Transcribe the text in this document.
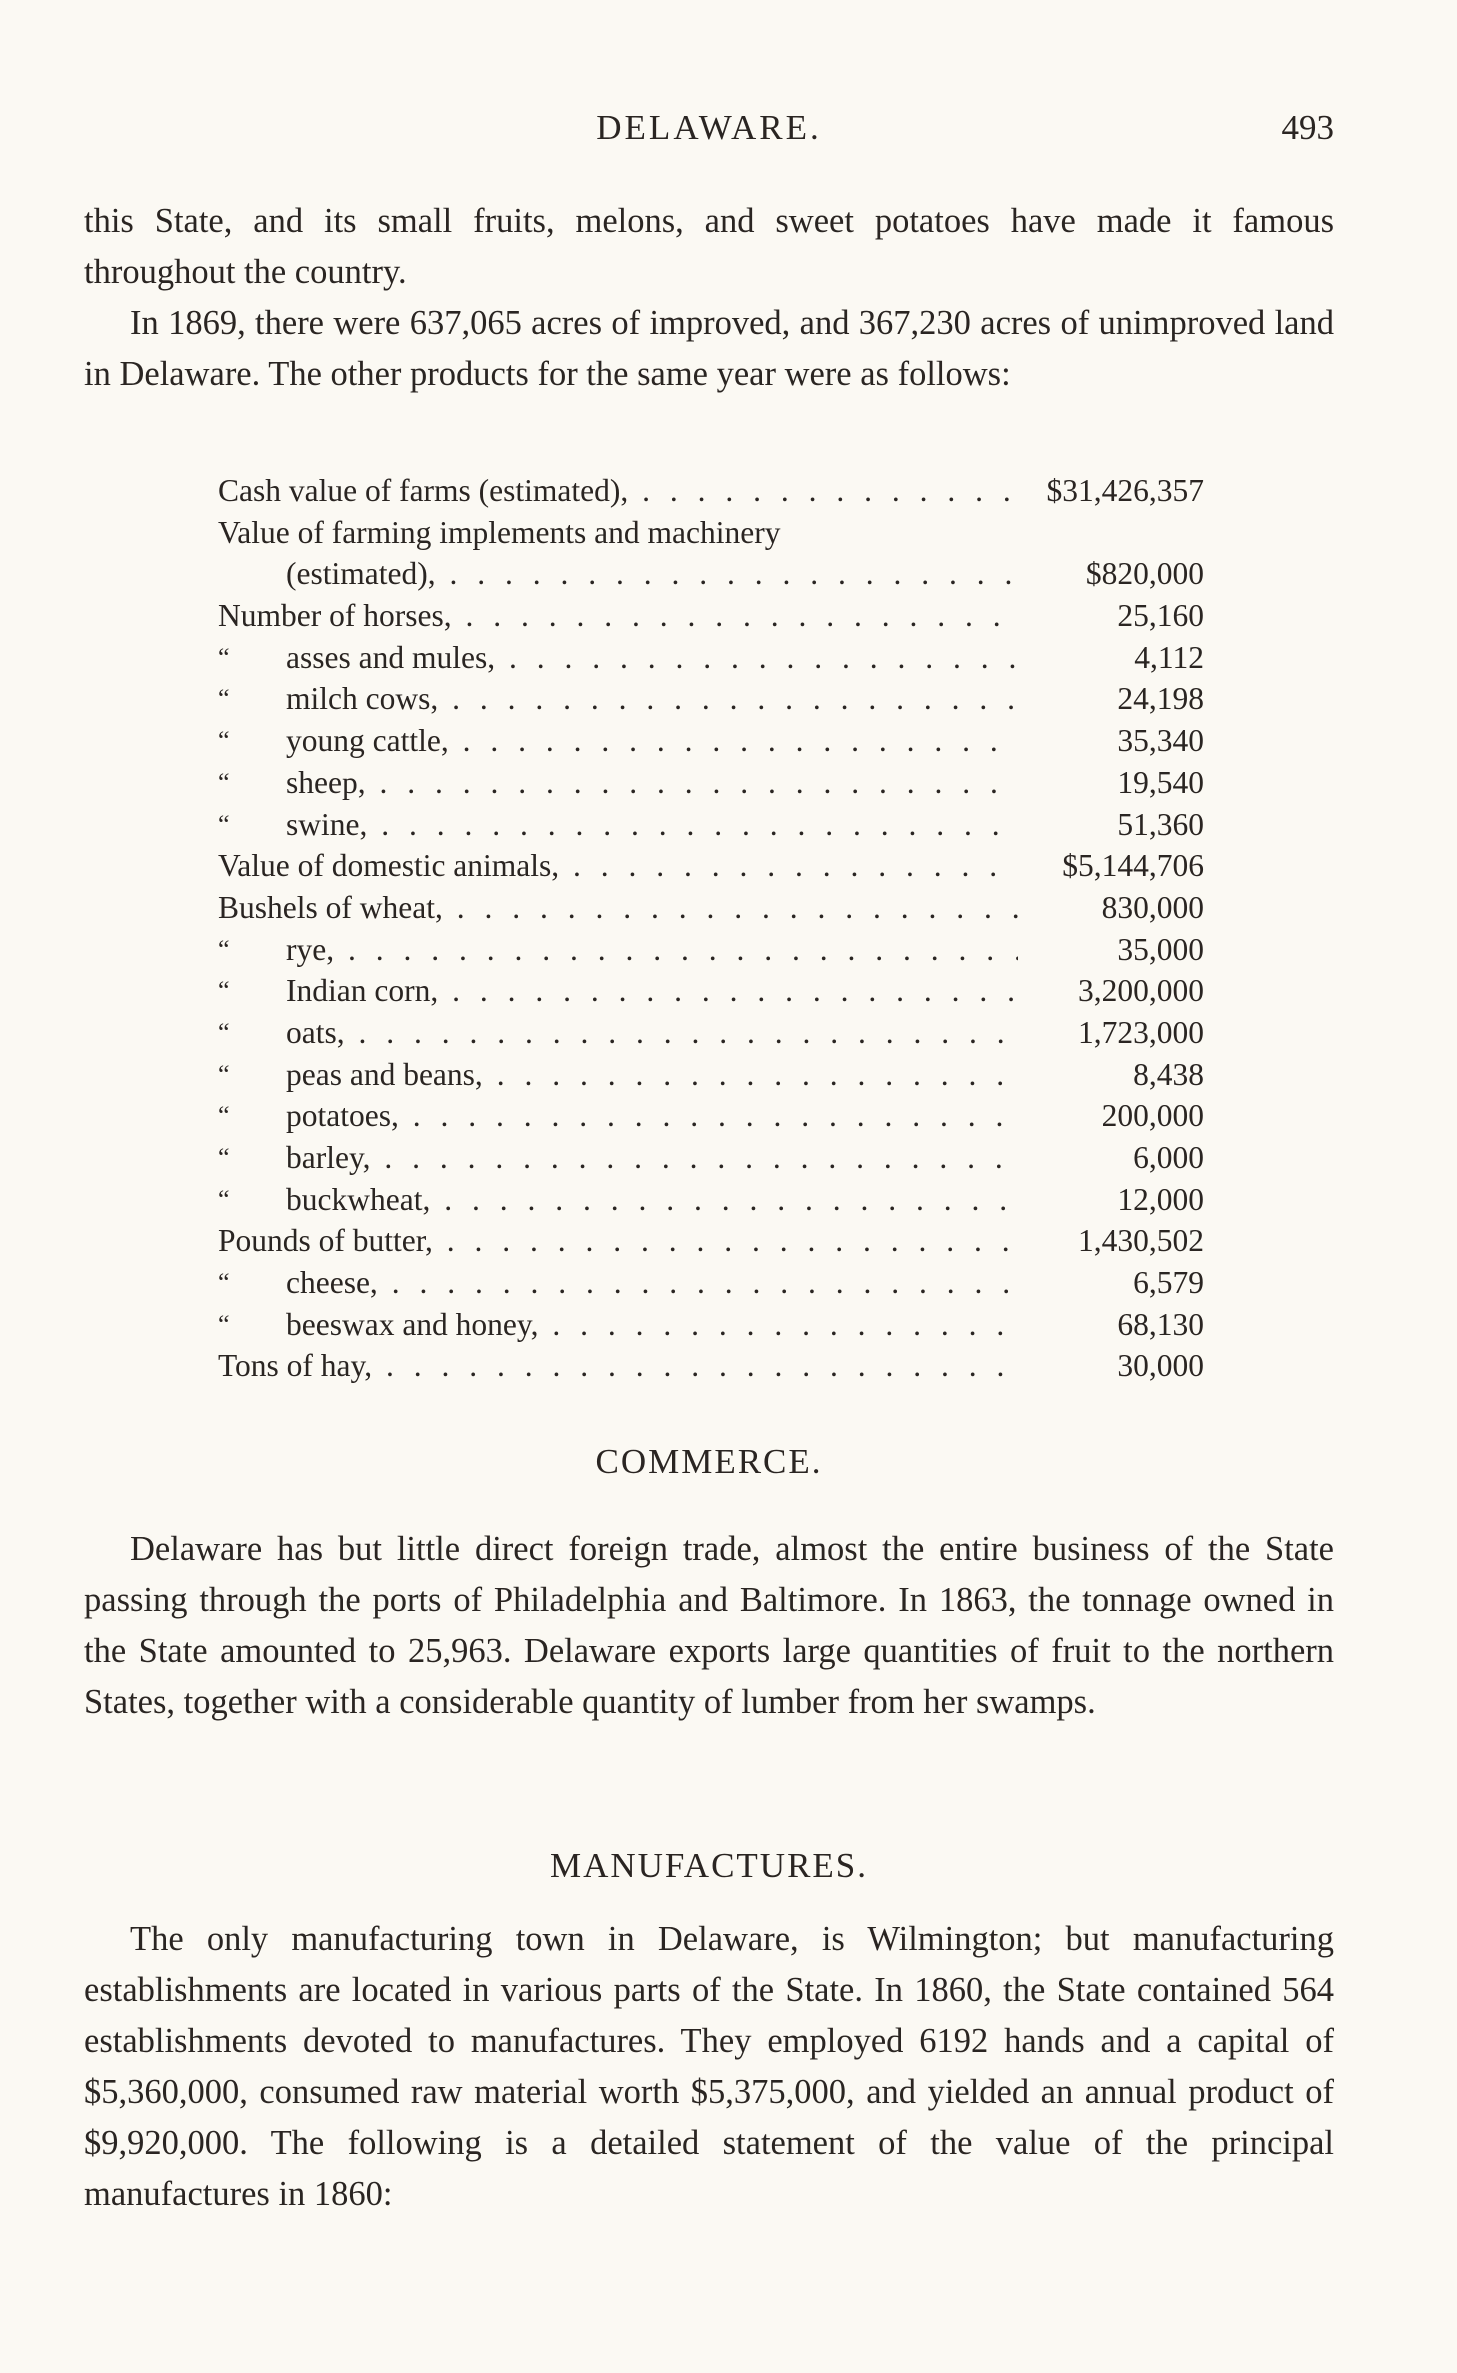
DELAWARE.	493

this State, and its small fruits, melons, and sweet potatoes have made it famous throughout the country.

In 1869, there were 637,065 acres of improved, and 367,230 acres of unimproved land in Delaware. The other products for the same year were as follows:

Cash value of farms (estimated), . . .	$31,426,357
Value of farming implements and machinery
(estimated), . . .	$820,000
Number of horses, . . .	25,160
“ asses and mules, . . .	4,112
“ milch cows, . . .	24,198
“ young cattle, . . .	35,340
“ sheep, . . .	19,540
“ swine, . . .	51,360
Value of domestic animals, . . .	$5,144,706
Bushels of wheat, . . .	830,000
“ rye, . . .	35,000
“ Indian corn, . . .	3,200,000
“ oats, . . .	1,723,000
“ peas and beans, . . .	8,438
“ potatoes, . . .	200,000
“ barley, . . .	6,000
“ buckwheat, . . .	12,000
Pounds of butter, . . .	1,430,502
“ cheese, . . .	6,579
“ beeswax and honey, . . .	68,130
Tons of hay, . . .	30,000
COMMERCE.

Delaware has but little direct foreign trade, almost the entire business of the State passing through the ports of Philadelphia and Baltimore. In 1863, the tonnage owned in the State amounted to 25,963. Delaware exports large quantities of fruit to the northern States, together with a considerable quantity of lumber from her swamps.

MANUFACTURES.

The only manufacturing town in Delaware, is Wilmington; but manufacturing establishments are located in various parts of the State. In 1860, the State contained 564 establishments devoted to manufactures. They employed 6192 hands and a capital of $5,360,000, consumed raw material worth $5,375,000, and yielded an annual product of $9,920,000. The following is a detailed statement of the value of the principal manufactures in 1860:
